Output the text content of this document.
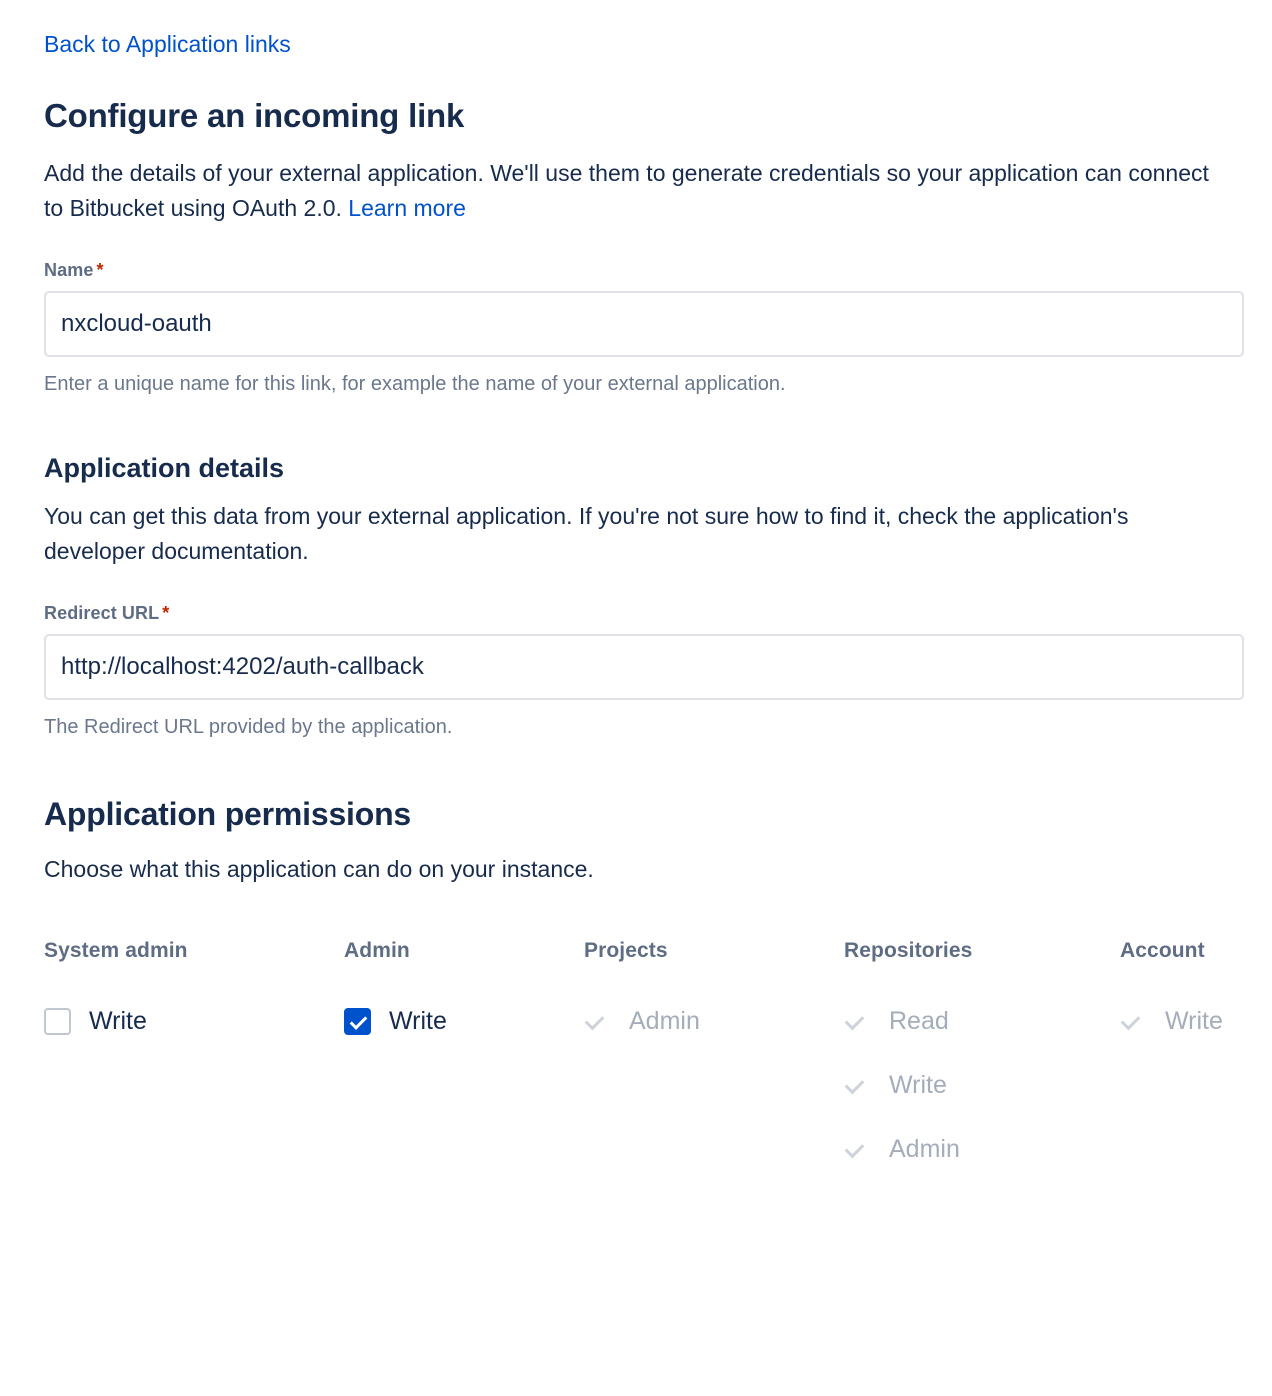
Back to Application links
Configure an incoming link

Add the details of your external application. We'll use them to generate credentials so your application can connect to Bitbucket using OAuth 2.0. Learn more

Name *
nxcloud-oauth
Enter a unique name for this link, for example the name of your external application.
Application details

You can get this data from your external application. If you're not sure how to find it, check the application's developer documentation.

Redirect URL *
http://localhost:4202/auth-callback
The Redirect URL provided by the application.
Application permissions

Choose what this application can do on your instance.

System admin
Write
Admin
Write
Projects
Admin
Repositories
Read
Write
Admin
Account
Write
